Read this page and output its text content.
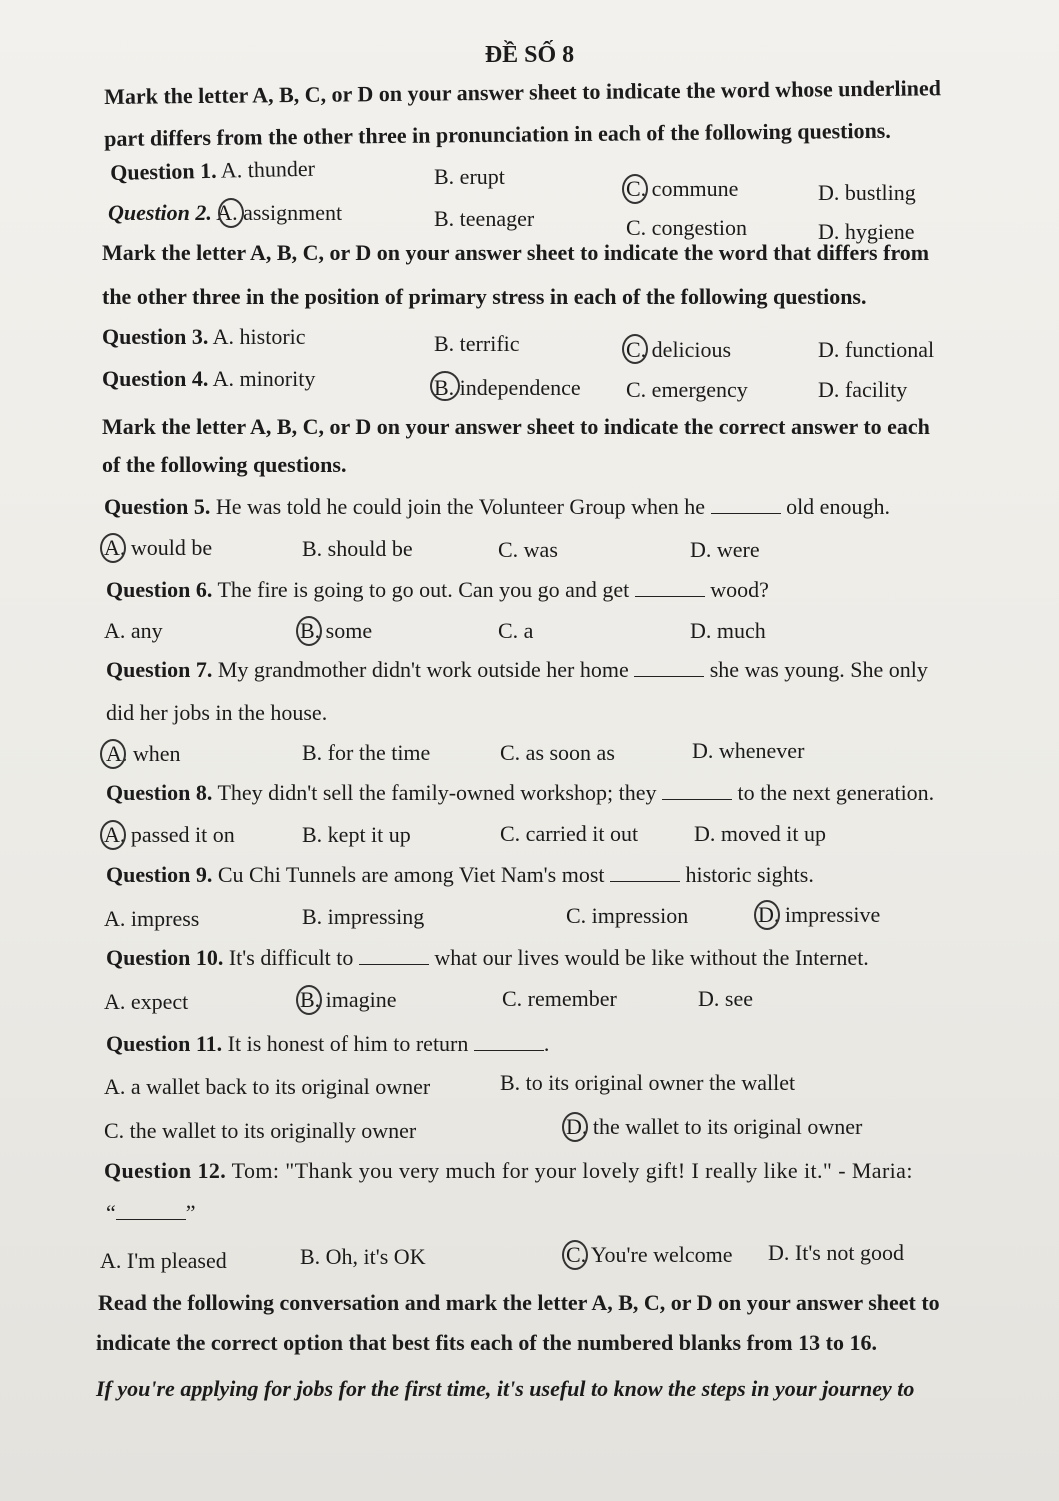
ĐỀ SỐ 8
Mark the letter A, B, C, or D on your answer sheet to indicate the word whose underlined
part differs from the other three in pronunciation in each of the following questions.
Question 1. A. thunder	B. erupt	C. commune	D. bustling
Question 2. A. assignment	B. teenager	C. congestion	D. hygiene
Mark the letter A, B, C, or D on your answer sheet to indicate the word that differs from
the other three in the position of primary stress in each of the following questions.
Question 3. A. historic	B. terrific	C. delicious	D. functional
Question 4. A. minority	B. independence C. emergency	D. facility
Mark the letter A, B, C, or D on your answer sheet to indicate the correct answer to each
of the following questions.
Question 5. He was told he could join the Volunteer Group when he	old enough.
A. would be	B. should be	C. was	D. were
Question 6. The fire is going to go out. Can you go and get	wood?
A. any	B. some	C. a	D. much
Question 7. My grandmother didn't work outside her home	she was young. She only
did her jobs in the house.
A. when	B. for the time	C. as soon as	D. whenever
Question 8. They didn't sell the family-owned workshop; they	to the next generation.
A. passed it on	B. kept it up	C. carried it out	D. moved it up
Question 9. Cu Chi Tunnels are among Viet Nam's most	historic sights.
A. impress	B. impressing	C. impression	D. impressive
Question 10. It's difficult to	what our lives would be like without the Internet.
A. expect	B. imagine	C. remember	D. see
Question 11. It is honest of him to return	.
A. a wallet back to its original owner	B. to its original owner the wallet
C. the wallet to its originally owner	D. the wallet to its original owner
Question 12. Tom: "Thank you very much for your lovely gift! I really like it." - Maria:
“	”
A. I'm pleased	B. Oh, it's OK	C. You're welcome D. It's not good
Read the following conversation and mark the letter A, B, C, or D on your answer sheet to
indicate the correct option that best fits each of the numbered blanks from 13 to 16.
If you're applying for jobs for the first time, it's useful to know the steps in your journey to
